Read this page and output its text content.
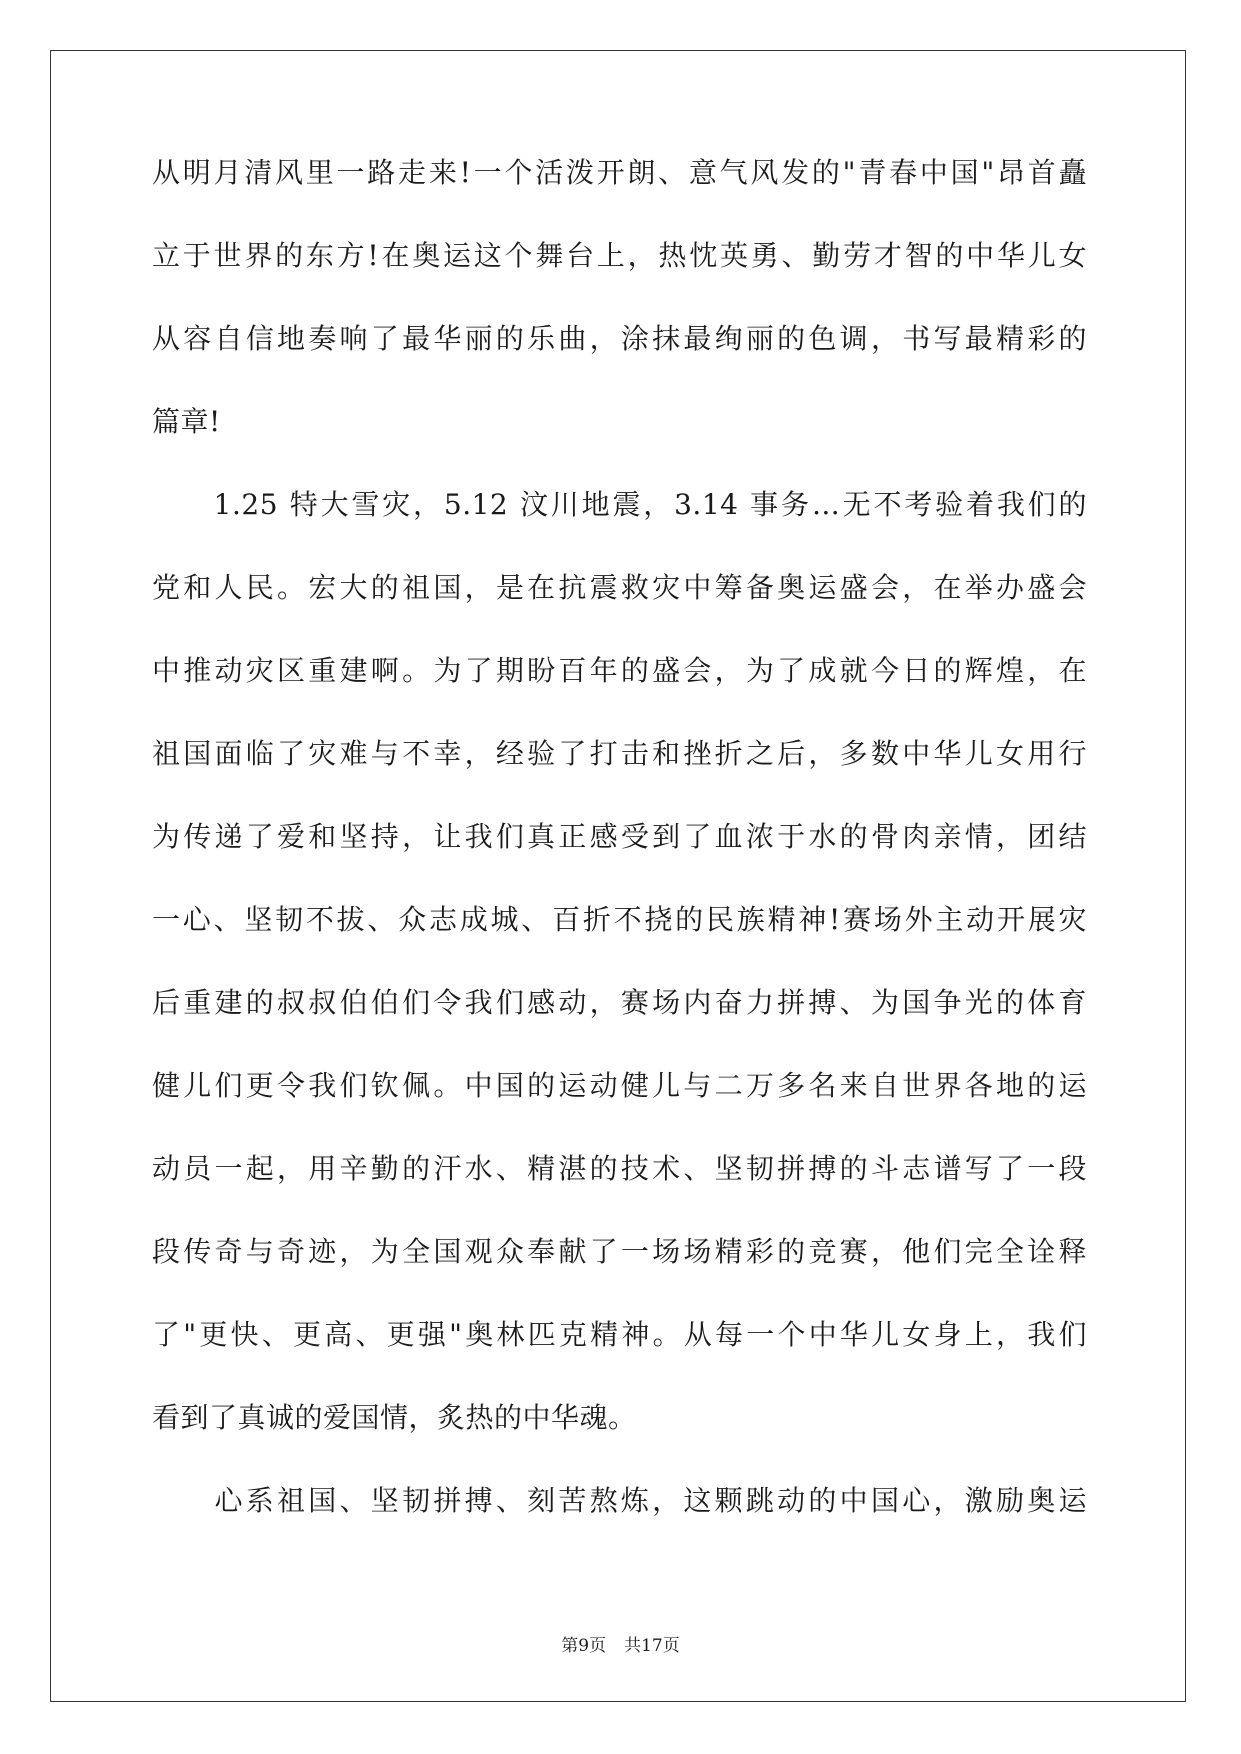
从明月清风里一路走来!一个活泼开朗、意气风发的"青春中国"昂首矗
立于世界的东方!在奥运这个舞台上，热忱英勇、勤劳才智的中华儿女
从容自信地奏响了最华丽的乐曲，涂抹最绚丽的色调，书写最精彩的
篇章!
　　1.25 特大雪灾，5.12 汶川地震，3.14 事务…无不考验着我们的
党和人民。宏大的祖国，是在抗震救灾中筹备奥运盛会，在举办盛会
中推动灾区重建啊。为了期盼百年的盛会，为了成就今日的辉煌，在
祖国面临了灾难与不幸，经验了打击和挫折之后，多数中华儿女用行
为传递了爱和坚持，让我们真正感受到了血浓于水的骨肉亲情，团结
一心、坚韧不拔、众志成城、百折不挠的民族精神!赛场外主动开展灾
后重建的叔叔伯伯们令我们感动，赛场内奋力拼搏、为国争光的体育
健儿们更令我们钦佩。中国的运动健儿与二万多名来自世界各地的运
动员一起，用辛勤的汗水、精湛的技术、坚韧拼搏的斗志谱写了一段
段传奇与奇迹，为全国观众奉献了一场场精彩的竞赛，他们完全诠释
了"更快、更高、更强"奥林匹克精神。从每一个中华儿女身上，我们
看到了真诚的爱国情，炙热的中华魂。
　　心系祖国、坚韧拼搏、刻苦熬炼，这颗跳动的中国心，激励奥运
第9页 共17页
